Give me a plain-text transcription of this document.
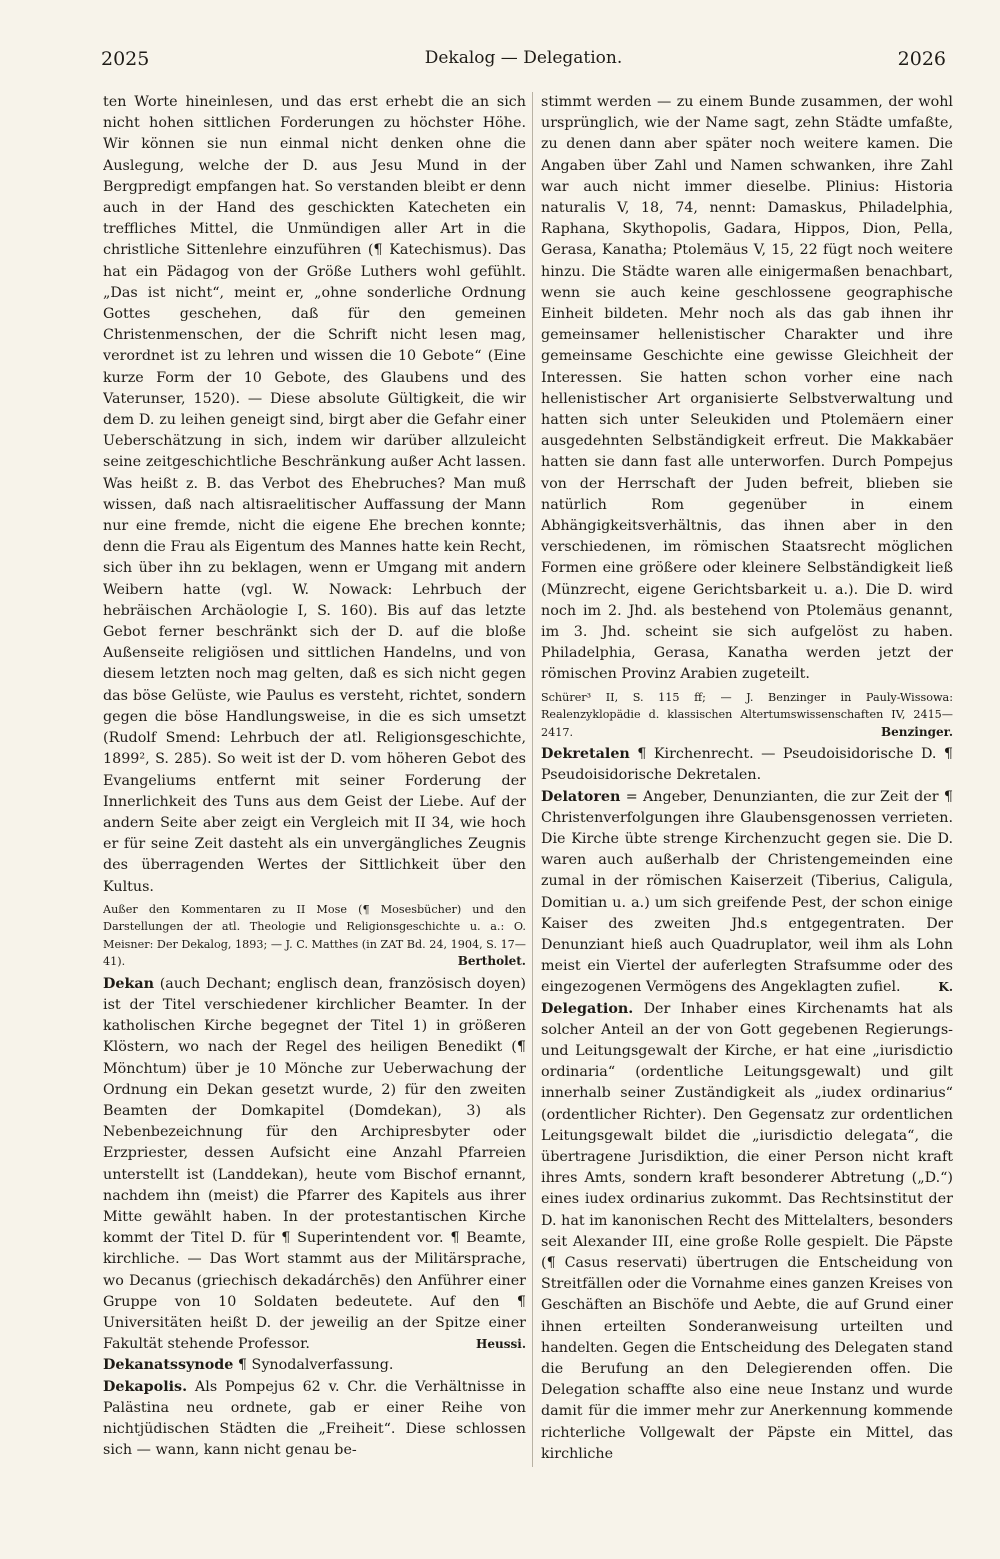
2025	Dekalog — Delegation.	2026

ten Worte hineinlesen, und das erst erhebt die an sich nicht hohen sittlichen Forderungen zu höchster Höhe. Wir können sie nun einmal nicht denken ohne die Auslegung, welche der D. aus Jesu Mund in der Bergpredigt empfangen hat. So verstanden bleibt er denn auch in der Hand des geschickten Katecheten ein treffliches Mittel, die Unmündigen aller Art in die christliche Sittenlehre einzuführen (¶ Katechismus). Das hat ein Pädagog von der Größe Luthers wohl gefühlt. „Das ist nicht“, meint er, „ohne sonderliche Ordnung Gottes geschehen, daß für den gemeinen Christenmenschen, der die Schrift nicht lesen mag, verordnet ist zu lehren und wissen die 10 Gebote“ (Eine kurze Form der 10 Gebote, des Glaubens und des Vaterunser, 1520). — Diese absolute Gültigkeit, die wir dem D. zu leihen geneigt sind, birgt aber die Gefahr einer Ueberschätzung in sich, indem wir darüber allzuleicht seine zeitgeschichtliche Beschränkung außer Acht lassen. Was heißt z. B. das Verbot des Ehebruches? Man muß wissen, daß nach altisraelitischer Auffassung der Mann nur eine fremde, nicht die eigene Ehe brechen konnte; denn die Frau als Eigentum des Mannes hatte kein Recht, sich über ihn zu beklagen, wenn er Umgang mit andern Weibern hatte (vgl. W. Nowack: Lehrbuch der hebräischen Archäologie I, S. 160). Bis auf das letzte Gebot ferner beschränkt sich der D. auf die bloße Außenseite religiösen und sittlichen Handelns, und von diesem letzten noch mag gelten, daß es sich nicht gegen das böse Gelüste, wie Paulus es versteht, richtet, sondern gegen die böse Handlungsweise, in die es sich umsetzt (Rudolf Smend: Lehrbuch der atl. Religionsgeschichte, 1899², S. 285). So weit ist der D. vom höheren Gebot des Evangeliums entfernt mit seiner Forderung der Innerlichkeit des Tuns aus dem Geist der Liebe. Auf der andern Seite aber zeigt ein Vergleich mit II 34, wie hoch er für seine Zeit dasteht als ein unvergängliches Zeugnis des überragenden Wertes der Sittlichkeit über den Kultus.

Außer den Kommentaren zu II Mose (¶ Mosesbücher) und den Darstellungen der atl. Theologie und Religionsgeschichte u. a.: O. Meisner: Der Dekalog, 1893; — J. C. Matthes (in ZAT Bd. 24, 1904, S. 17—41).	Bertholet.

Dekan (auch Dechant; englisch dean, französisch doyen) ist der Titel verschiedener kirchlicher Beamter. In der katholischen Kirche begegnet der Titel 1) in größeren Klöstern, wo nach der Regel des heiligen Benedikt (¶ Mönchtum) über je 10 Mönche zur Ueberwachung der Ordnung ein Dekan gesetzt wurde, 2) für den zweiten Beamten der Domkapitel (Domdekan), 3) als Nebenbezeichnung für den Archipresbyter oder Erzpriester, dessen Aufsicht eine Anzahl Pfarreien unterstellt ist (Landdekan), heute vom Bischof ernannt, nachdem ihn (meist) die Pfarrer des Kapitels aus ihrer Mitte gewählt haben. In der protestantischen Kirche kommt der Titel D. für ¶ Superintendent vor. ¶ Beamte, kirchliche. — Das Wort stammt aus der Militärsprache, wo Decanus (griechisch dekadárchēs) den Anführer einer Gruppe von 10 Soldaten bedeutete. Auf den ¶ Universitäten heißt D. der jeweilig an der Spitze einer Fakultät stehende Professor.	Heussi.

Dekanatssynode ¶ Synodalverfassung.

Dekapolis. Als Pompejus 62 v. Chr. die Verhältnisse in Palästina neu ordnete, gab er einer Reihe von nichtjüdischen Städten die „Freiheit“. Diese schlossen sich — wann, kann nicht genau be-

stimmt werden — zu einem Bunde zusammen, der wohl ursprünglich, wie der Name sagt, zehn Städte umfaßte, zu denen dann aber später noch weitere kamen. Die Angaben über Zahl und Namen schwanken, ihre Zahl war auch nicht immer dieselbe. Plinius: Historia naturalis V, 18, 74, nennt: Damaskus, Philadelphia, Raphana, Skythopolis, Gadara, Hippos, Dion, Pella, Gerasa, Kanatha; Ptolemäus V, 15, 22 fügt noch weitere hinzu. Die Städte waren alle einigermaßen benachbart, wenn sie auch keine geschlossene geographische Einheit bildeten. Mehr noch als das gab ihnen ihr gemeinsamer hellenistischer Charakter und ihre gemeinsame Geschichte eine gewisse Gleichheit der Interessen. Sie hatten schon vorher eine nach hellenistischer Art organisierte Selbstverwaltung und hatten sich unter Seleukiden und Ptolemäern einer ausgedehnten Selbständigkeit erfreut. Die Makkabäer hatten sie dann fast alle unterworfen. Durch Pompejus von der Herrschaft der Juden befreit, blieben sie natürlich Rom gegenüber in einem Abhängigkeitsverhältnis, das ihnen aber in den verschiedenen, im römischen Staatsrecht möglichen Formen eine größere oder kleinere Selbständigkeit ließ (Münzrecht, eigene Gerichtsbarkeit u. a.). Die D. wird noch im 2. Jhd. als bestehend von Ptolemäus genannt, im 3. Jhd. scheint sie sich aufgelöst zu haben. Philadelphia, Gerasa, Kanatha werden jetzt der römischen Provinz Arabien zugeteilt.

Schürer³ II, S. 115 ff; — J. Benzinger in Pauly-Wissowa: Realenzyklopädie d. klassischen Altertumswissenschaften IV, 2415—2417.	Benzinger.

Dekretalen ¶ Kirchenrecht. — Pseudoisidorische D. ¶ Pseudoisidorische Dekretalen.

Delatoren = Angeber, Denunzianten, die zur Zeit der ¶ Christenverfolgungen ihre Glaubensgenossen verrieten. Die Kirche übte strenge Kirchenzucht gegen sie. Die D. waren auch außerhalb der Christengemeinden eine zumal in der römischen Kaiserzeit (Tiberius, Caligula, Domitian u. a.) um sich greifende Pest, der schon einige Kaiser des zweiten Jhd.s entgegentraten. Der Denunziant hieß auch Quadruplator, weil ihm als Lohn meist ein Viertel der auferlegten Strafsumme oder des eingezogenen Vermögens des Angeklagten zufiel.	K.

Delegation. Der Inhaber eines Kirchenamts hat als solcher Anteil an der von Gott gegebenen Regierungs- und Leitungsgewalt der Kirche, er hat eine „iurisdictio ordinaria“ (ordentliche Leitungsgewalt) und gilt innerhalb seiner Zuständigkeit als „iudex ordinarius“ (ordentlicher Richter). Den Gegensatz zur ordentlichen Leitungsgewalt bildet die „iurisdictio delegata“, die übertragene Jurisdiktion, die einer Person nicht kraft ihres Amts, sondern kraft besonderer Abtretung („D.“) eines iudex ordinarius zukommt. Das Rechtsinstitut der D. hat im kanonischen Recht des Mittelalters, besonders seit Alexander III, eine große Rolle gespielt. Die Päpste (¶ Casus reservati) übertrugen die Entscheidung von Streitfällen oder die Vornahme eines ganzen Kreises von Geschäften an Bischöfe und Aebte, die auf Grund einer ihnen erteilten Sonderanweisung urteilten und handelten. Gegen die Entscheidung des Delegaten stand die Berufung an den Delegierenden offen. Die Delegation schaffte also eine neue Instanz und wurde damit für die immer mehr zur Anerkennung kommende richterliche Vollgewalt der Päpste ein Mittel, das kirchliche
